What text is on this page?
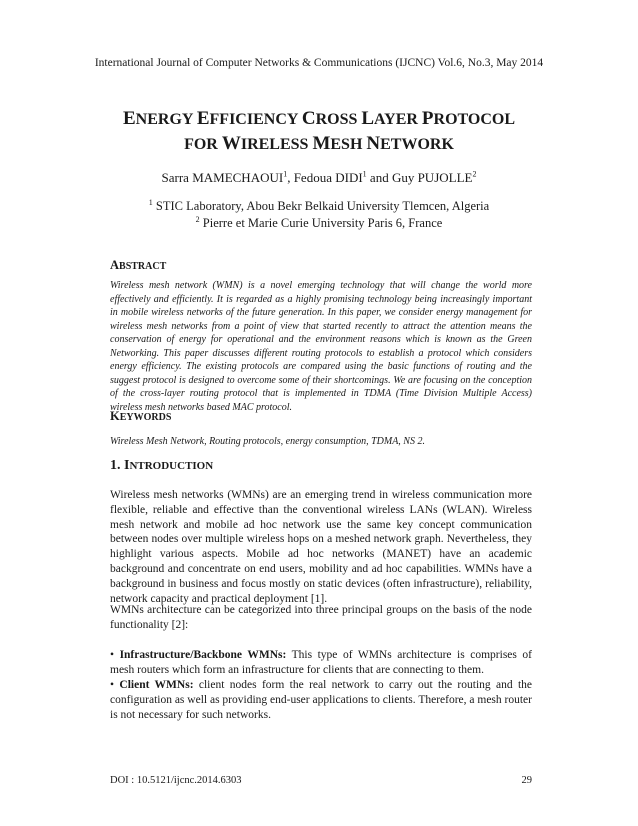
International Journal of Computer Networks & Communications (IJCNC) Vol.6, No.3, May 2014
ENERGY EFFICIENCY CROSS LAYER PROTOCOL
FOR WIRELESS MESH NETWORK
Sarra MAMECHAOUI$^1$, Fedoua DIDI$^1$ and Guy PUJOLLE$^2$
$^1$ STIC Laboratory, Abou Bekr Belkaid University Tlemcen, Algeria
$^2$ Pierre et Marie Curie University Paris 6, France
ABSTRACT
Wireless mesh network (WMN) is a novel emerging technology that will change the world more effectively and efficiently. It is regarded as a highly promising technology being increasingly important in mobile wireless networks of the future generation. In this paper, we consider energy management for wireless mesh networks from a point of view that started recently to attract the attention means the conservation of energy for operational and the environment reasons which is known as the Green Networking. This paper discusses different routing protocols to establish a protocol which considers energy efficiency. The existing protocols are compared using the basic functions of routing and the suggest protocol is designed to overcome some of their shortcomings. We are focusing on the conception of the cross-layer routing protocol that is implemented in TDMA (Time Division Multiple Access) wireless mesh networks based MAC protocol.
KEYWORDS
Wireless Mesh Network, Routing protocols, energy consumption, TDMA, NS 2.
1. INTRODUCTION
Wireless mesh networks (WMNs) are an emerging trend in wireless communication more flexible, reliable and effective than the conventional wireless LANs (WLAN). Wireless mesh network and mobile ad hoc network use the same key concept communication between nodes over multiple wireless hops on a meshed network graph. Nevertheless, they highlight various aspects. Mobile ad hoc networks (MANET) have an academic background and concentrate on end users, mobility and ad hoc capabilities. WMNs have a background in business and focus mostly on static devices (often infrastructure), reliability, network capacity and practical deployment [1].
WMNs architecture can be categorized into three principal groups on the basis of the node functionality [2]:
• Infrastructure/Backbone WMNs: This type of WMNs architecture is comprises of mesh routers which form an infrastructure for clients that are connecting to them.
• Client WMNs: client nodes form the real network to carry out the routing and the configuration as well as providing end-user applications to clients. Therefore, a mesh router is not necessary for such networks.
DOI : 10.5121/ijcnc.2014.6303	29
